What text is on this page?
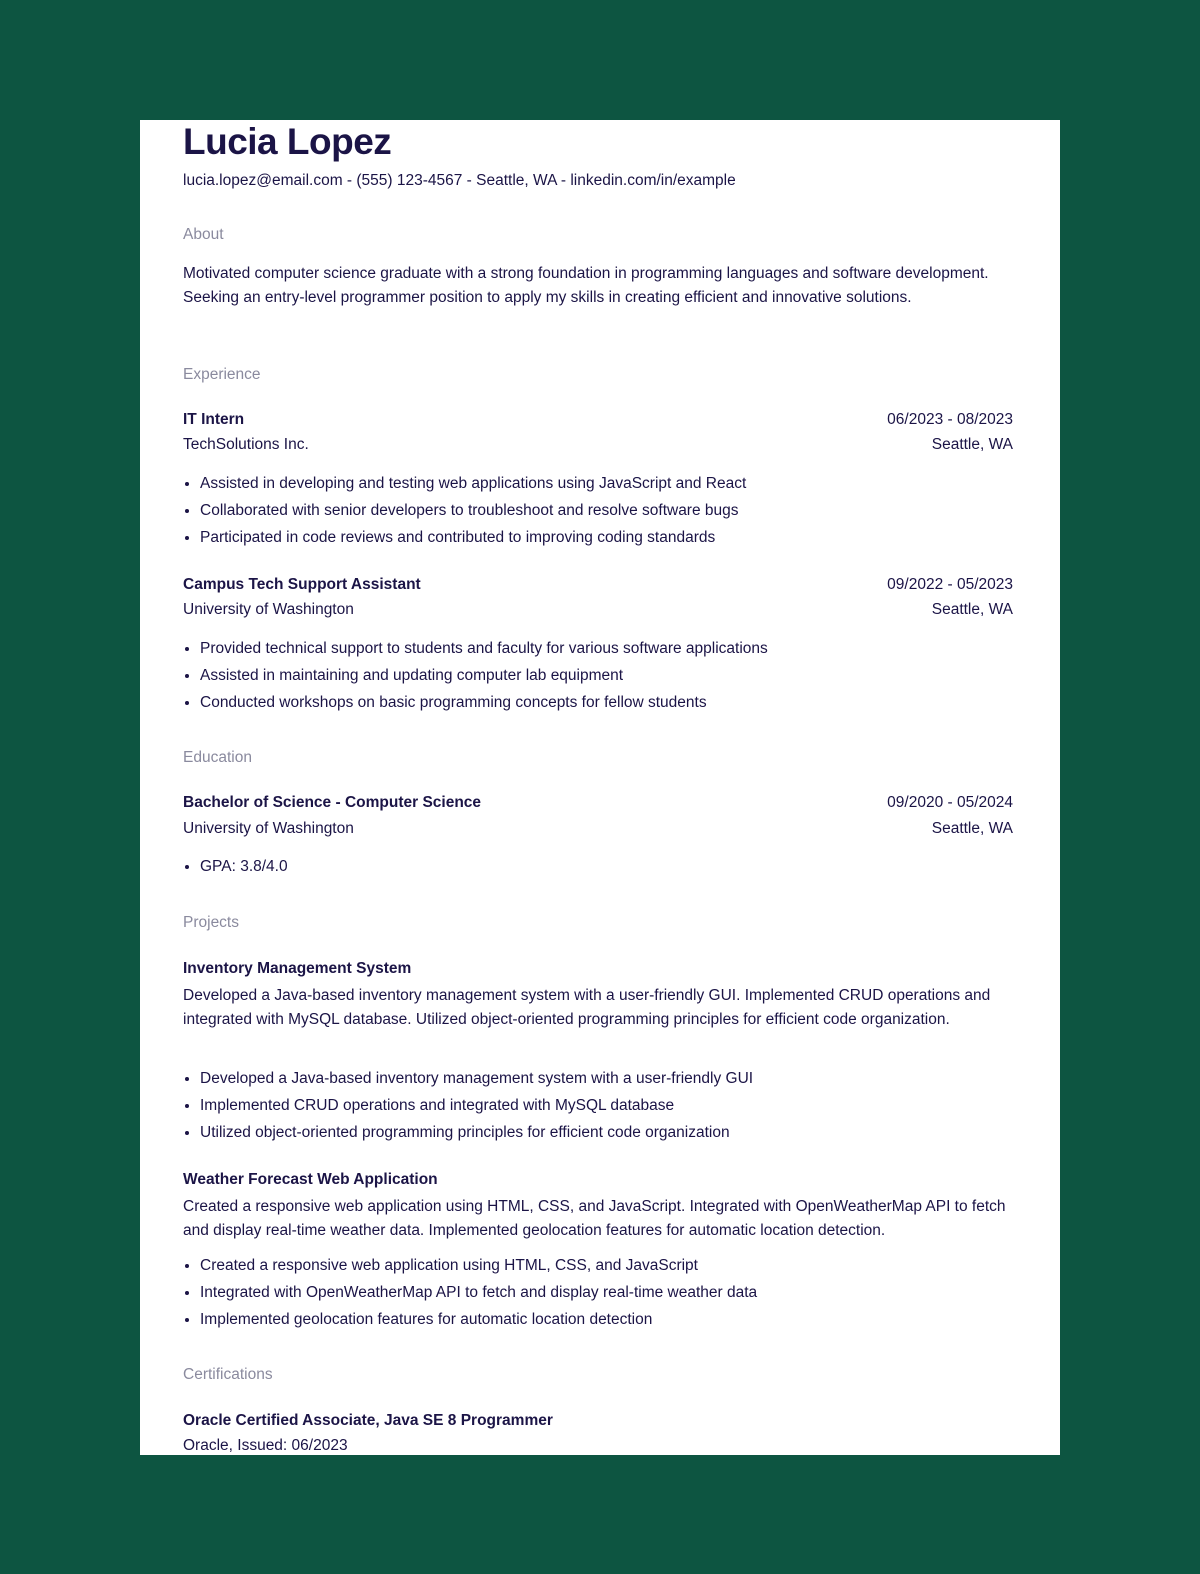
Lucia Lopez
lucia.lopez@email.com - (555) 123-4567 - Seattle, WA - linkedin.com/in/example
About
Motivated computer science graduate with a strong foundation in programming languages and software development. Seeking an entry-level programmer position to apply my skills in creating efficient and innovative solutions.
Experience
IT Intern	06/2023 - 08/2023
TechSolutions Inc.	Seattle, WA
• Assisted in developing and testing web applications using JavaScript and React
• Collaborated with senior developers to troubleshoot and resolve software bugs
• Participated in code reviews and contributed to improving coding standards
Campus Tech Support Assistant	09/2022 - 05/2023
University of Washington	Seattle, WA
• Provided technical support to students and faculty for various software applications
• Assisted in maintaining and updating computer lab equipment
• Conducted workshops on basic programming concepts for fellow students
Education
Bachelor of Science - Computer Science	09/2020 - 05/2024
University of Washington	Seattle, WA
• GPA: 3.8/4.0
Projects
Inventory Management System
Developed a Java-based inventory management system with a user-friendly GUI. Implemented CRUD operations and integrated with MySQL database. Utilized object-oriented programming principles for efficient code organization.
• Developed a Java-based inventory management system with a user-friendly GUI
• Implemented CRUD operations and integrated with MySQL database
• Utilized object-oriented programming principles for efficient code organization
Weather Forecast Web Application
Created a responsive web application using HTML, CSS, and JavaScript. Integrated with OpenWeatherMap API to fetch and display real-time weather data. Implemented geolocation features for automatic location detection.
• Created a responsive web application using HTML, CSS, and JavaScript
• Integrated with OpenWeatherMap API to fetch and display real-time weather data
• Implemented geolocation features for automatic location detection
Certifications
Oracle Certified Associate, Java SE 8 Programmer
Oracle, Issued: 06/2023
